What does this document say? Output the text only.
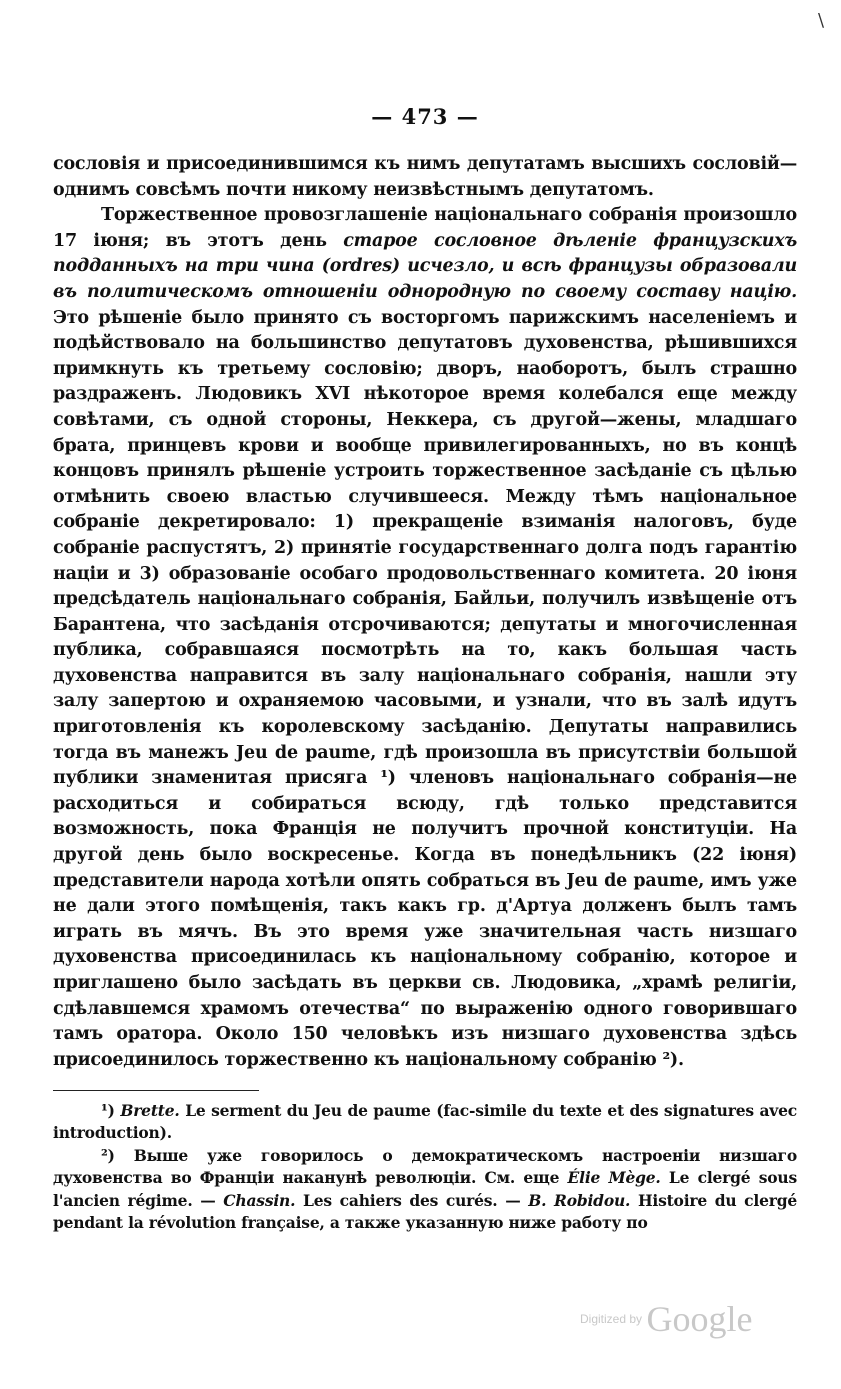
\
— 473 —

сословія и присоединившимся къ нимъ депутатамъ высшихъ сословій—однимъ совсѣмъ почти никому неизвѣстнымъ депутатомъ.

Торжественное провозглашеніе національнаго собранія произошло 17 іюня; въ этотъ день старое сословное дѣленіе французскихъ подданныхъ на три чина (ordres) исчезло, и всѣ французы образовали въ политическомъ отношеніи однородную по своему составу націю. Это рѣшеніе было принято съ восторгомъ парижскимъ населеніемъ и подѣйствовало на большинство депутатовъ духовенства, рѣшившихся примкнуть къ третьему сословію; дворъ, наоборотъ, былъ страшно раздраженъ. Людовикъ XVI нѣкоторое время колебался еще между совѣтами, съ одной стороны, Неккера, съ другой—жены, младшаго брата, принцевъ крови и вообще привилегированныхъ, но въ концѣ концовъ принялъ рѣшеніе устроить торжественное засѣданіе съ цѣлью отмѣнить своею властью случившееся. Между тѣмъ національное собраніе декретировало: 1) прекращеніе взиманія налоговъ, буде собраніе распустятъ, 2) принятіе государственнаго долга подъ гарантію націи и 3) образованіе особаго продовольственнаго комитета. 20 іюня предсѣдатель національнаго собранія, Байльи, получилъ извѣщеніе отъ Барантена, что засѣданія отсрочиваются; депутаты и многочисленная публика, собравшаяся посмотрѣть на то, какъ большая часть духовенства направится въ залу національнаго собранія, нашли эту залу запертою и охраняемою часовыми, и узнали, что въ залѣ идутъ приготовленія къ королевскому засѣданію. Депутаты направились тогда въ манежъ Jeu de paume, гдѣ произошла въ присутствіи большой публики знаменитая присяга ¹) членовъ національнаго собранія—не расходиться и собираться всюду, гдѣ только представится возможность, пока Франція не получитъ прочной конституціи. На другой день было воскресенье. Когда въ понедѣльникъ (22 іюня) представители народа хотѣли опять собраться въ Jeu de paume, имъ уже не дали этого помѣщенія, такъ какъ гр. д'Артуа долженъ былъ тамъ играть въ мячъ. Въ это время уже значительная часть низшаго духовенства присоединилась къ національному собранію, которое и приглашено было засѣдать въ церкви св. Людовика, „храмѣ религіи, сдѣлавшемся храмомъ отечества“ по выраженію одного говорившаго тамъ оратора. Около 150 человѣкъ изъ низшаго духовенства здѣсь присоединилось торжественно къ національному собранію ²).

¹) Brette. Le serment du Jeu de paume (fac-simile du texte et des signatures avec introduction).

²) Выше уже говорилось о демократическомъ настроеніи низшаго духовенства во Франціи наканунѣ революціи. См. еще Élie Mège. Le clergé sous l'ancien régime. — Chassin. Les cahiers des curés. — B. Robidou. Histoire du clergé pendant la révolution française, а также указанную ниже работу по

Digitized by Google
